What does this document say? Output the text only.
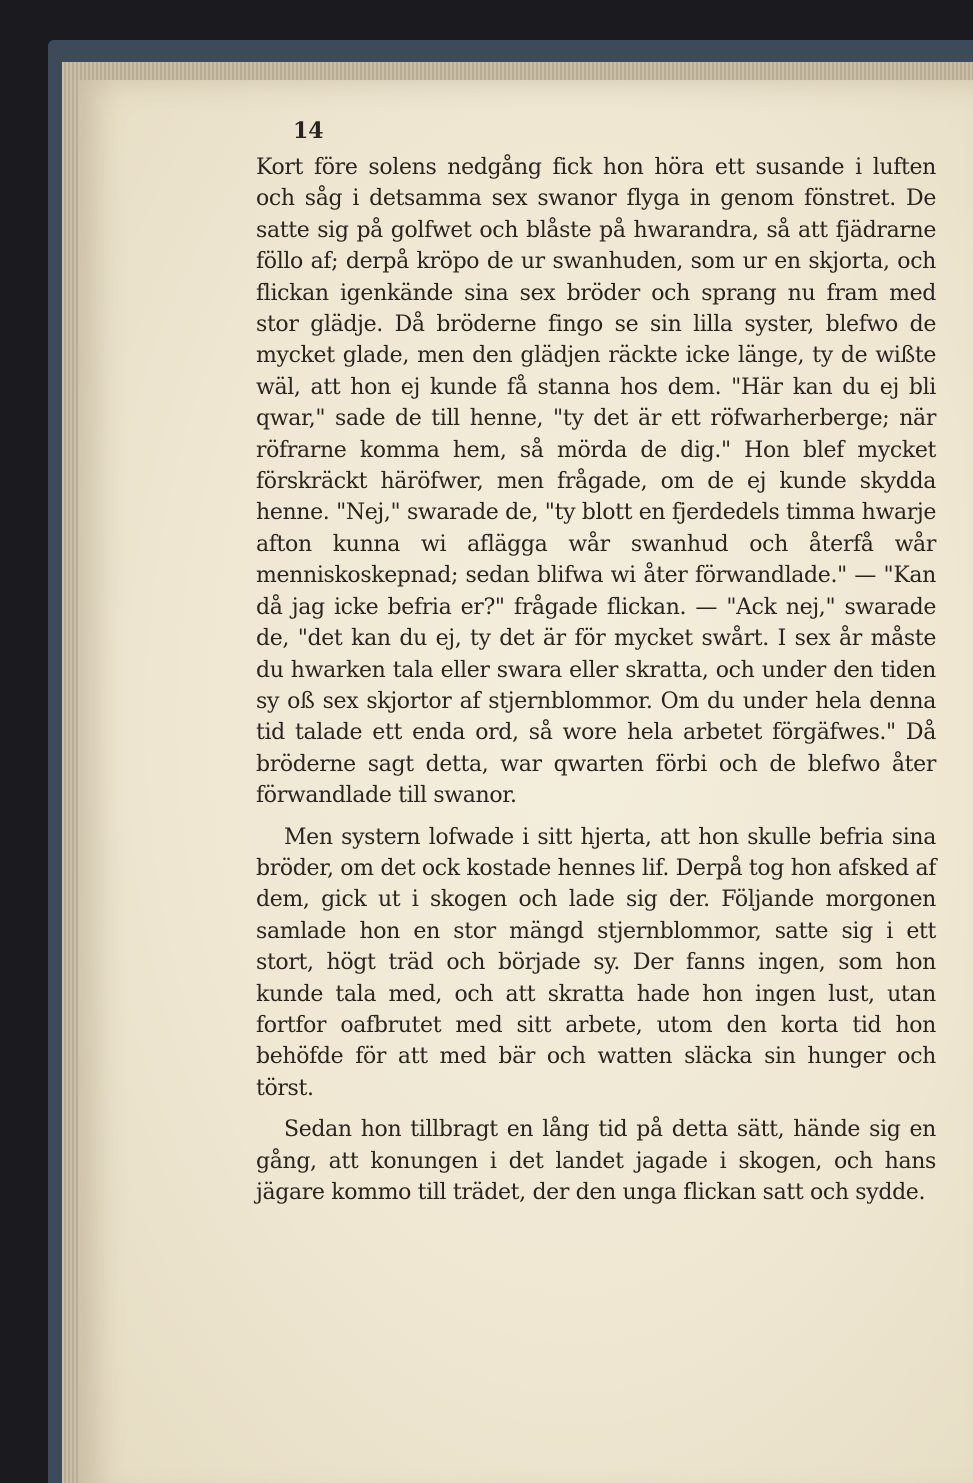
14

Kort före solens nedgång fick hon höra ett susande i luften och såg i detsamma sex swanor flyga in genom fönstret. De satte sig på golfwet och blåste på hwarandra, så att fjädrarne föllo af; derpå kröpo de ur swanhuden, som ur en skjorta, och flickan igenkände sina sex bröder och sprang nu fram med stor glädje. Då bröderne fingo se sin lilla syster, blefwo de mycket glade, men den glädjen räckte icke länge, ty de wißte wäl, att hon ej kunde få stanna hos dem. "Här kan du ej bli qwar," sade de till henne, "ty det är ett röfwarherberge; när röfrarne komma hem, så mörda de dig." Hon blef mycket förskräckt häröfwer, men frågade, om de ej kunde skydda henne. "Nej," swarade de, "ty blott en fjerdedels timma hwarje afton kunna wi aflägga wår swanhud och återfå wår menniskoskepnad; sedan blifwa wi åter förwandlade." — "Kan då jag icke befria er?" frågade flickan. — "Ack nej," swarade de, "det kan du ej, ty det är för mycket swårt. I sex år måste du hwarken tala eller swara eller skratta, och under den tiden sy oß sex skjortor af stjernblommor. Om du under hela denna tid talade ett enda ord, så wore hela arbetet förgäfwes." Då bröderne sagt detta, war qwarten förbi och de blefwo åter förwandlade till swanor.

Men systern lofwade i sitt hjerta, att hon skulle befria sina bröder, om det ock kostade hennes lif. Derpå tog hon afsked af dem, gick ut i skogen och lade sig der. Följande morgonen samlade hon en stor mängd stjernblommor, satte sig i ett stort, högt träd och började sy. Der fanns ingen, som hon kunde tala med, och att skratta hade hon ingen lust, utan fortfor oafbrutet med sitt arbete, utom den korta tid hon behöfde för att med bär och watten släcka sin hunger och törst.

Sedan hon tillbragt en lång tid på detta sätt, hände sig en gång, att konungen i det landet jagade i skogen, och hans jägare kommo till trädet, der den unga flickan satt och sydde.
